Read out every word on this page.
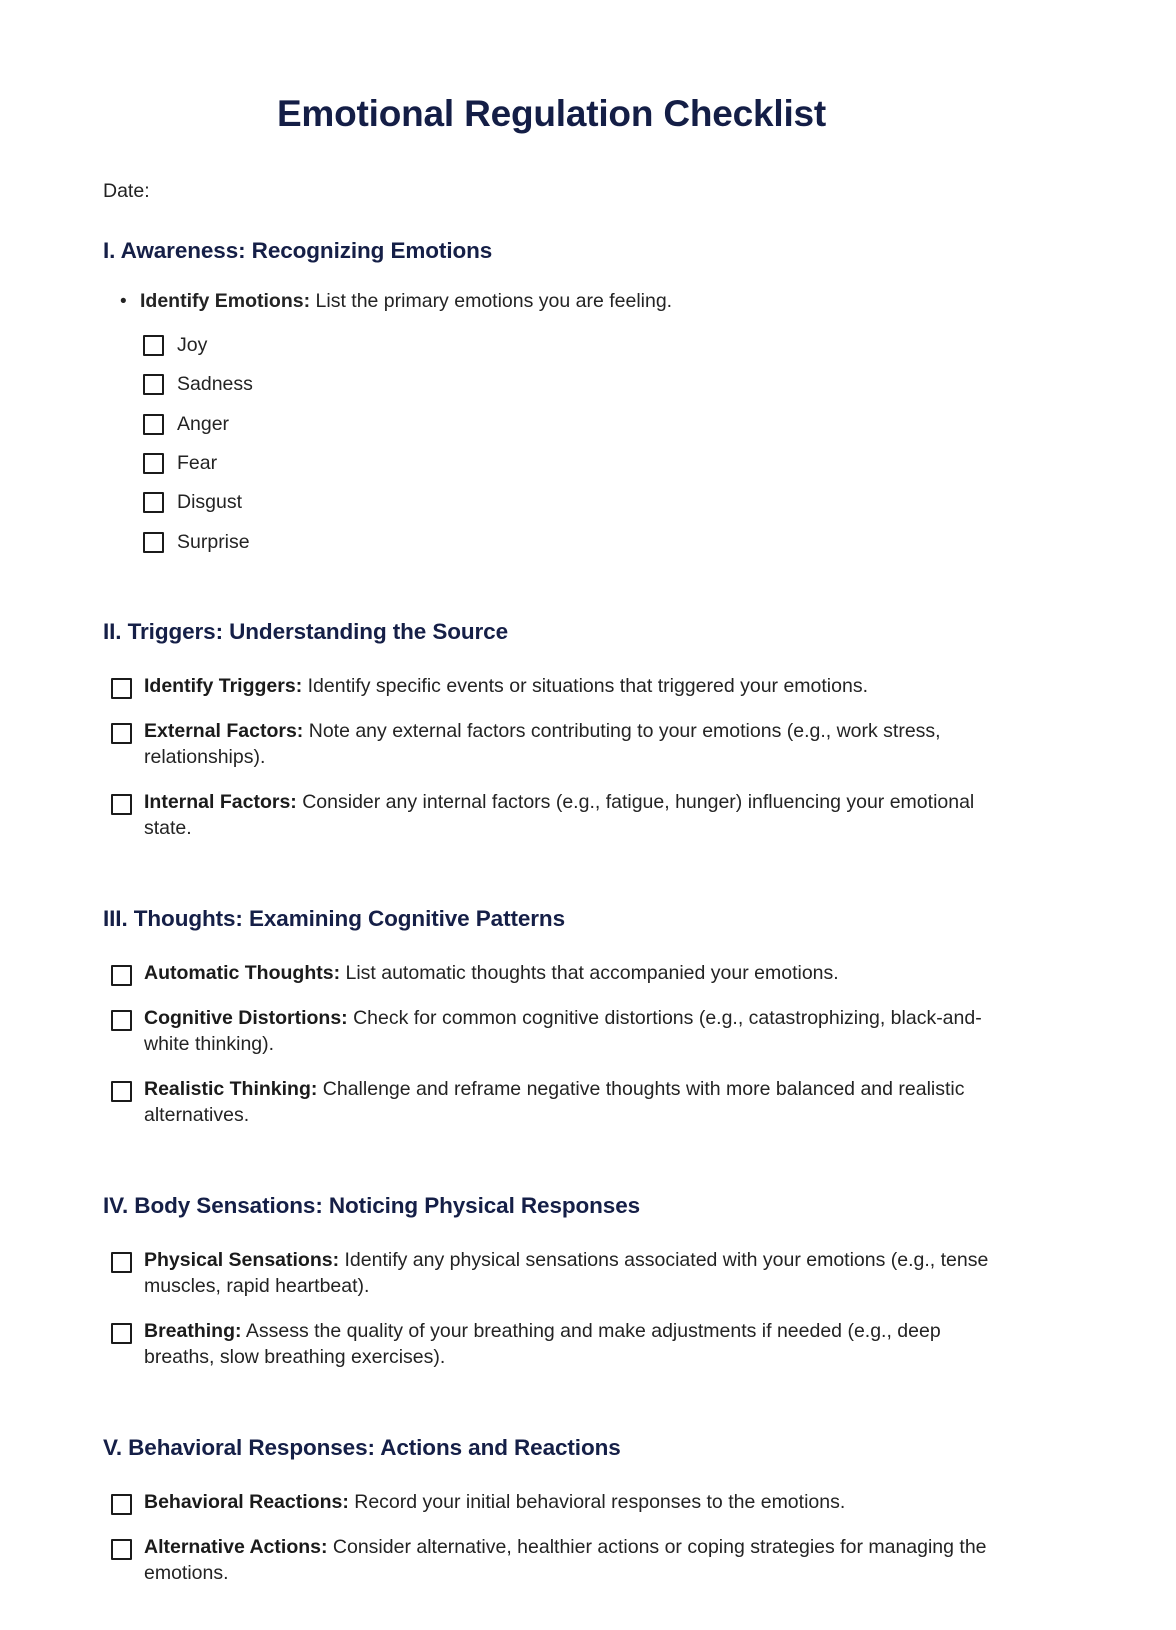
Emotional Regulation Checklist

Date:

I. Awareness: Recognizing Emotions
• Identify Emotions: List the primary emotions you are feeling.
Joy
Sadness
Anger
Fear
Disgust
Surprise
II. Triggers: Understanding the Source
Identify Triggers: Identify specific events or situations that triggered your emotions.
External Factors: Note any external factors contributing to your emotions (e.g., work stress, relationships).
Internal Factors: Consider any internal factors (e.g., fatigue, hunger) influencing your emotional state.
III. Thoughts: Examining Cognitive Patterns
Automatic Thoughts: List automatic thoughts that accompanied your emotions.
Cognitive Distortions: Check for common cognitive distortions (e.g., catastrophizing, black-and-white thinking).
Realistic Thinking: Challenge and reframe negative thoughts with more balanced and realistic alternatives.
IV. Body Sensations: Noticing Physical Responses
Physical Sensations: Identify any physical sensations associated with your emotions (e.g., tense muscles, rapid heartbeat).
Breathing: Assess the quality of your breathing and make adjustments if needed (e.g., deep breaths, slow breathing exercises).
V. Behavioral Responses: Actions and Reactions
Behavioral Reactions: Record your initial behavioral responses to the emotions.
Alternative Actions: Consider alternative, healthier actions or coping strategies for managing the emotions.
